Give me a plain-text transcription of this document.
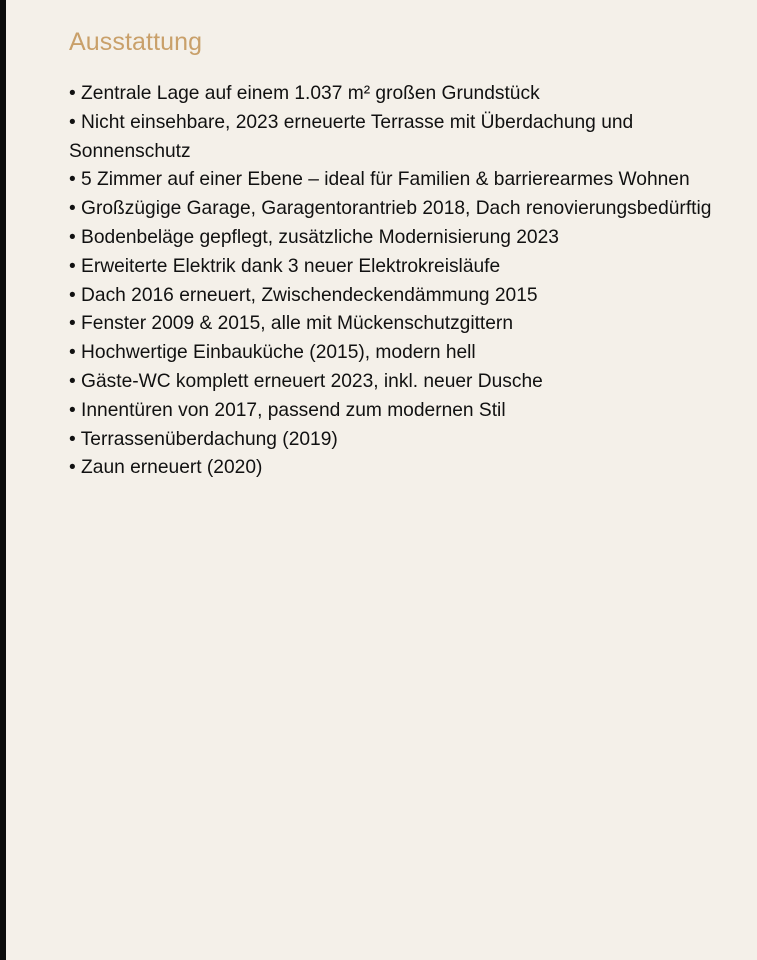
Ausstattung
• Zentrale Lage auf einem 1.037 m² großen Grundstück
• Nicht einsehbare, 2023 erneuerte Terrasse mit Überdachung und Sonnenschutz
• 5 Zimmer auf einer Ebene – ideal für Familien & barrierearmes Wohnen
• Großzügige Garage, Garagentorantrieb 2018, Dach renovierungsbedürftig
• Bodenbeläge gepflegt, zusätzliche Modernisierung 2023
• Erweiterte Elektrik dank 3 neuer Elektrokreisläufe
• Dach 2016 erneuert, Zwischendeckendämmung 2015
• Fenster 2009 & 2015, alle mit Mückenschutzgittern
• Hochwertige Einbauküche (2015), modern hell
• Gäste-WC komplett erneuert 2023, inkl. neuer Dusche
• Innentüren von 2017, passend zum modernen Stil
• Terrassenüberdachung (2019)
• Zaun erneuert (2020)
